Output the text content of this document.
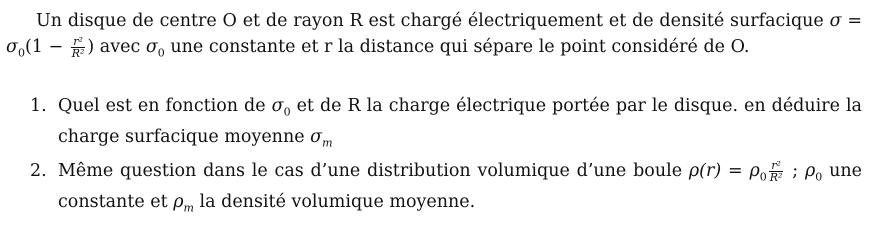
Un disque de centre O et de rayon R est chargé électriquement et de densité surfacique $\sigma = \sigma_0(1 - \frac{\text{r²}}{\text{R²}}$ ) avec $\sigma_0$ une constante et r la distance qui sépare le point considéré de O.
1. Quel est en fonction de $\sigma_0$ et de R la charge électrique portée par le disque. en déduire la charge surfacique moyenne $\sigma_m$
2. Même question dans le cas d’une distribution volumique d’une boule $\rho(r) = \rho_0 \frac{\text{r²}}{\text{R²}}$ ; $\rho_0$ une constante et $\rho_m$ la densité volumique moyenne.
